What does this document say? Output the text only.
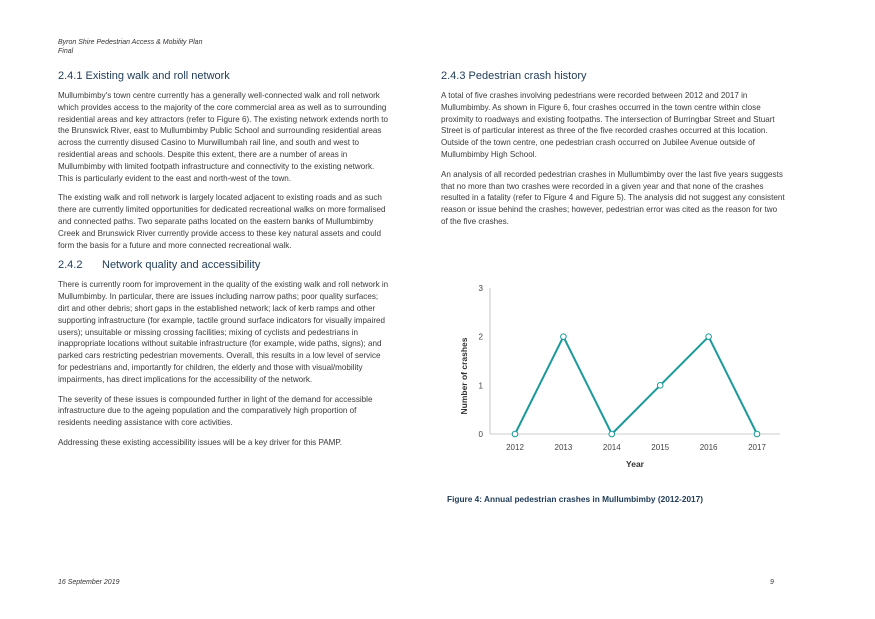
Byron Shire Pedestrian Access & Mobility Plan
Final
2.4.1 Existing walk and roll network

Mullumbimby's town centre currently has a generally well-connected walk and roll network which provides access to the majority of the core commercial area as well as to surrounding residential areas and key attractors (refer to Figure 6). The existing network extends north to the Brunswick River, east to Mullumbimby Public School and surrounding residential areas across the currently disused Casino to Murwillumbah rail line, and south and west to residential areas and schools. Despite this extent, there are a number of areas in Mullumbimby with limited footpath infrastructure and connectivity to the existing network. This is particularly evident to the east and north-west of the town.

The existing walk and roll network is largely located adjacent to existing roads and as such there are currently limited opportunities for dedicated recreational walks on more formalised and connected paths. Two separate paths located on the eastern banks of Mullumbimby Creek and Brunswick River currently provide access to these key natural assets and could form the basis for a future and more connected recreational walk.

2.4.2 Network quality and accessibility

There is currently room for improvement in the quality of the existing walk and roll network in Mullumbimby. In particular, there are issues including narrow paths; poor quality surfaces; dirt and other debris; short gaps in the established network; lack of kerb ramps and other supporting infrastructure (for example, tactile ground surface indicators for visually impaired users); unsuitable or missing crossing facilities; mixing of cyclists and pedestrians in inappropriate locations without suitable infrastructure (for example, wide paths, signs); and parked cars restricting pedestrian movements. Overall, this results in a low level of service for pedestrians and, importantly for children, the elderly and those with visual/mobility impairments, has direct implications for the accessibility of the network.

The severity of these issues is compounded further in light of the demand for accessible infrastructure due to the ageing population and the comparatively high proportion of residents needing assistance with core activities.

Addressing these existing accessibility issues will be a key driver for this PAMP.

2.4.3 Pedestrian crash history

A total of five crashes involving pedestrians were recorded between 2012 and 2017 in Mullumbimby. As shown in Figure 6, four crashes occurred in the town centre within close proximity to roadways and existing footpaths. The intersection of Burringbar Street and Stuart Street is of particular interest as three of the five recorded crashes occurred at this location. Outside of the town centre, one pedestrian crash occurred on Jubilee Avenue outside of Mullumbimby High School.

An analysis of all recorded pedestrian crashes in Mullumbimby over the last five years suggests that no more than two crashes were recorded in a given year and that none of the crashes resulted in a fatality (refer to Figure 4 and Figure 5). The analysis did not suggest any consistent reason or issue behind the crashes; however, pedestrian error was cited as the reason for two of the five crashes.

0
1
2
3
2012	2013	2014	2015	2016	2017
Number of crashes
Year
Figure 4: Annual pedestrian crashes in Mullumbimby (2012-2017)
16 September 2019	9
